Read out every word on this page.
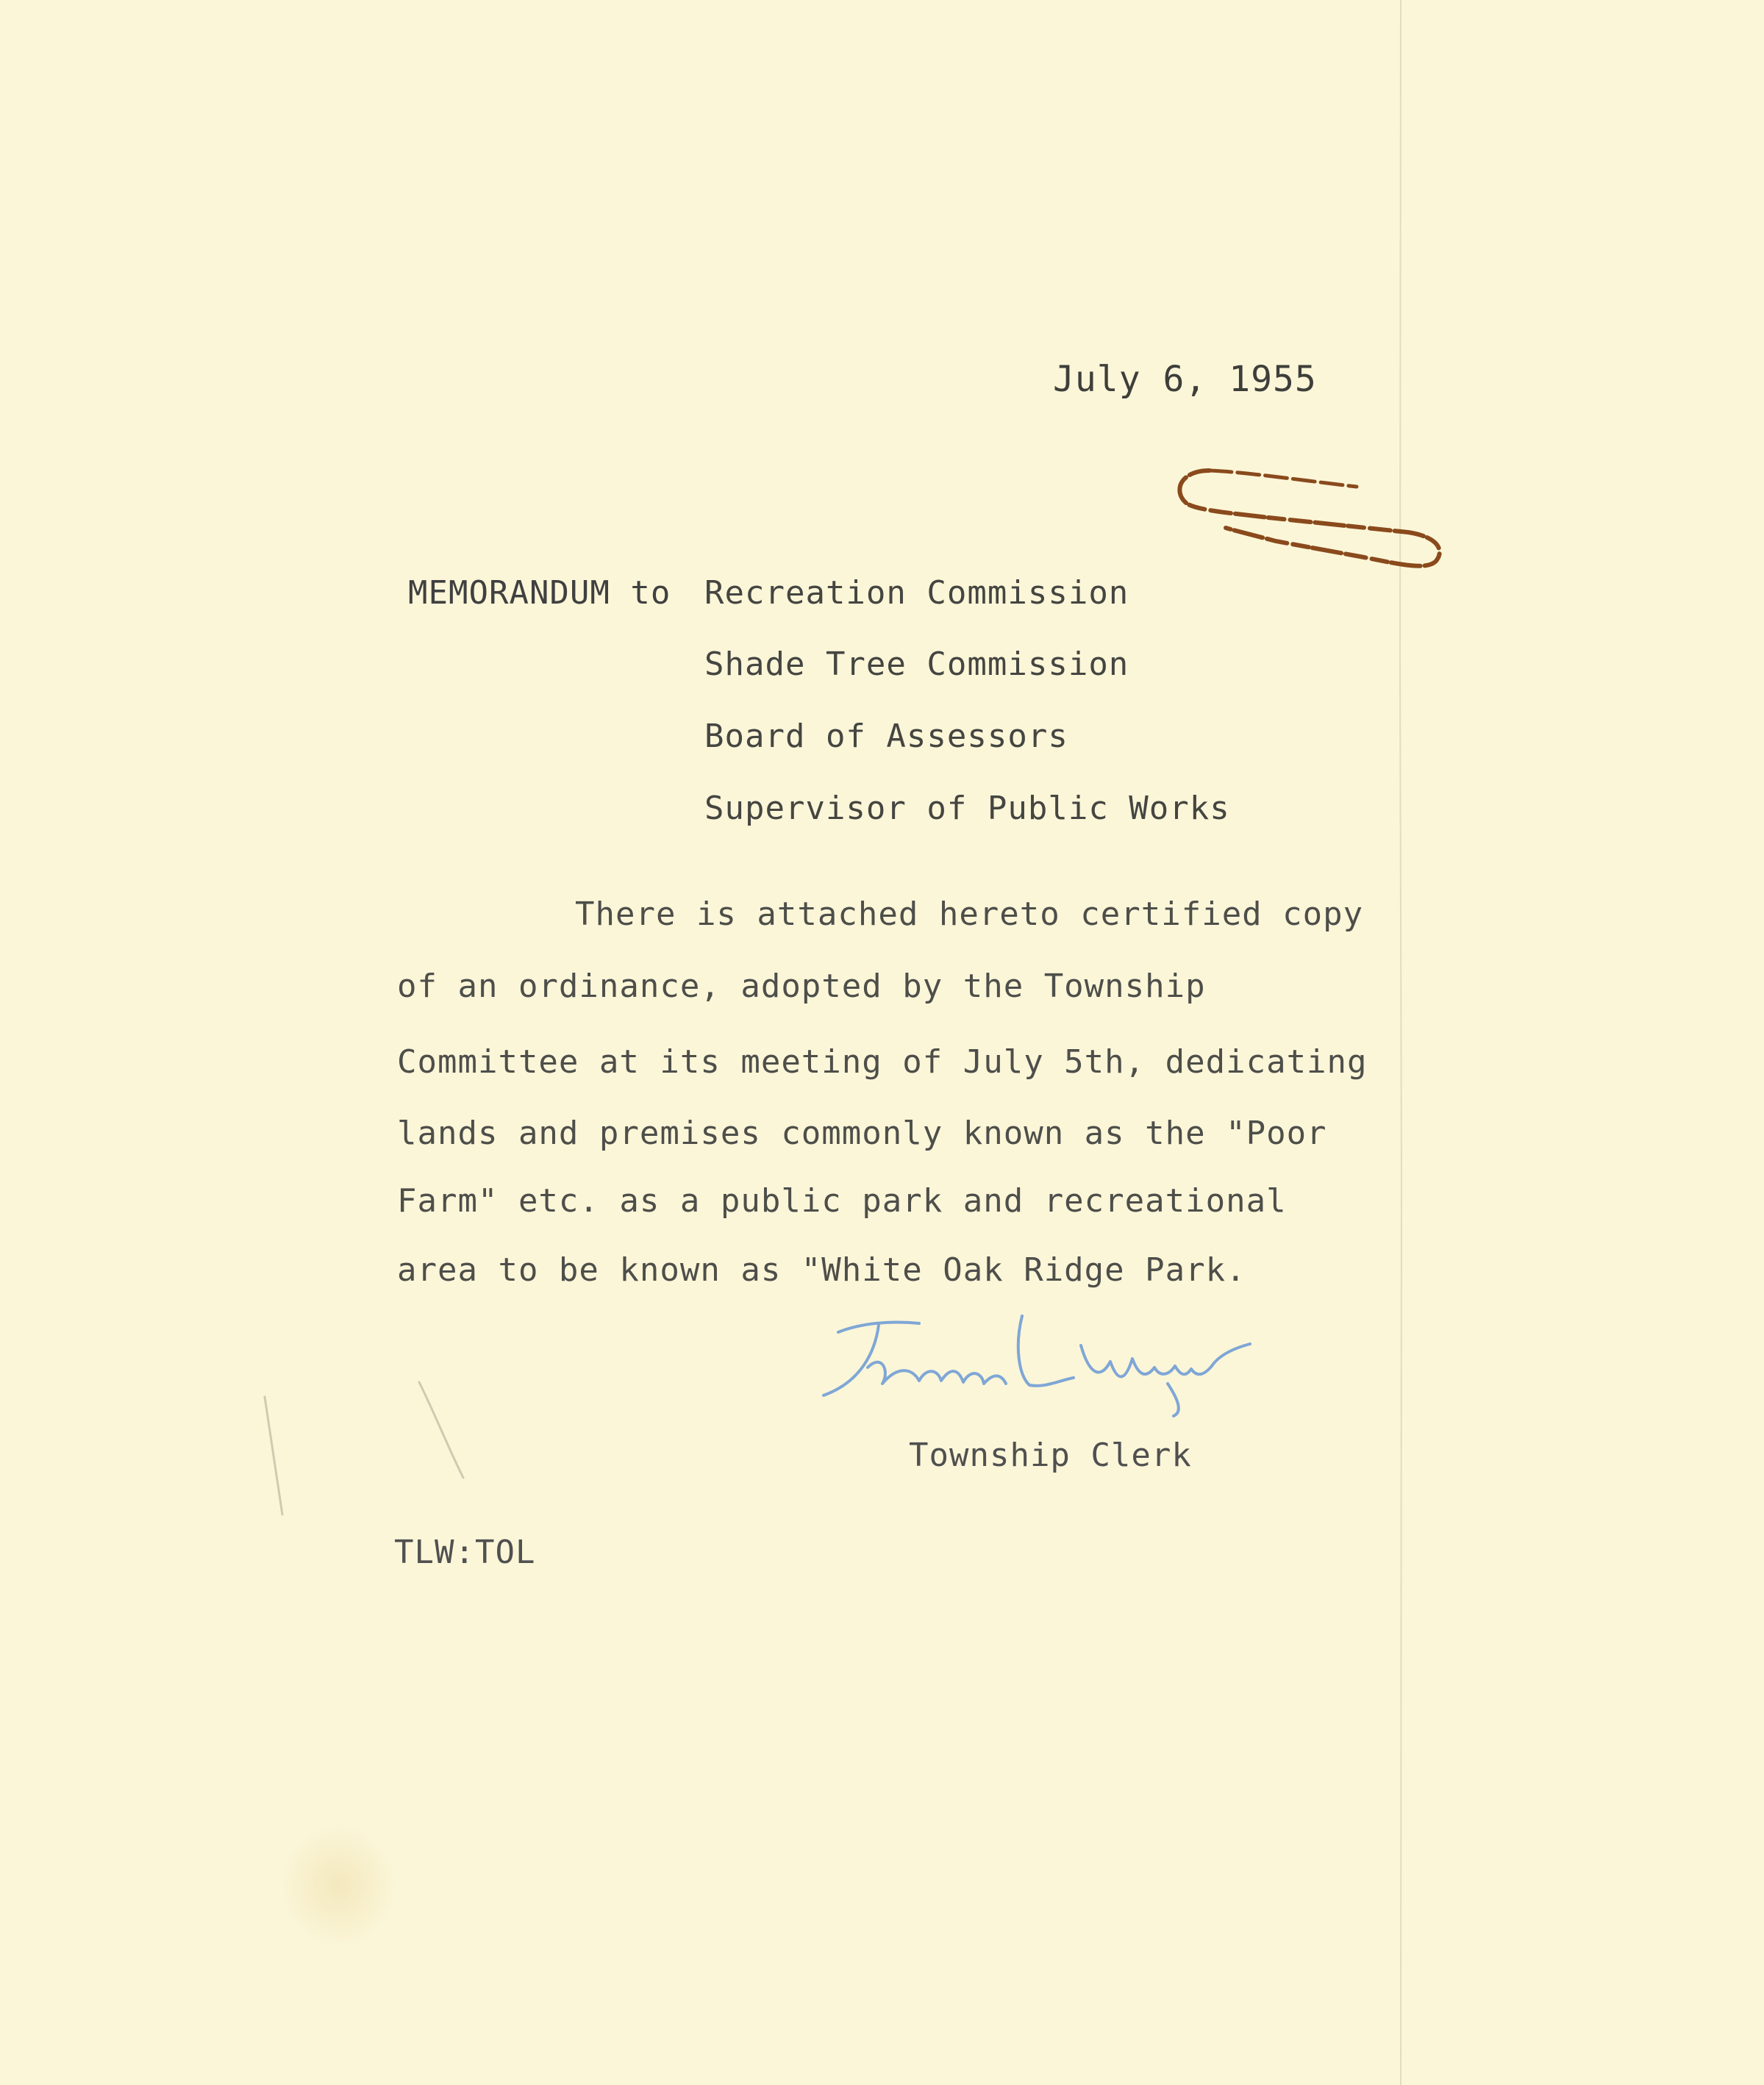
July 6, 1955
MEMORANDUM to Recreation Commission
Shade Tree Commission
Board of Assessors
Supervisor of Public Works
There is attached hereto certified copy
of an ordinance, adopted by the Township
Committee at its meeting of July 5th, dedicating
lands and premises commonly known as the "Poor
Farm" etc. as a public park and recreational
area to be known as "White Oak Ridge Park.
Township Clerk
TLW:TOL
